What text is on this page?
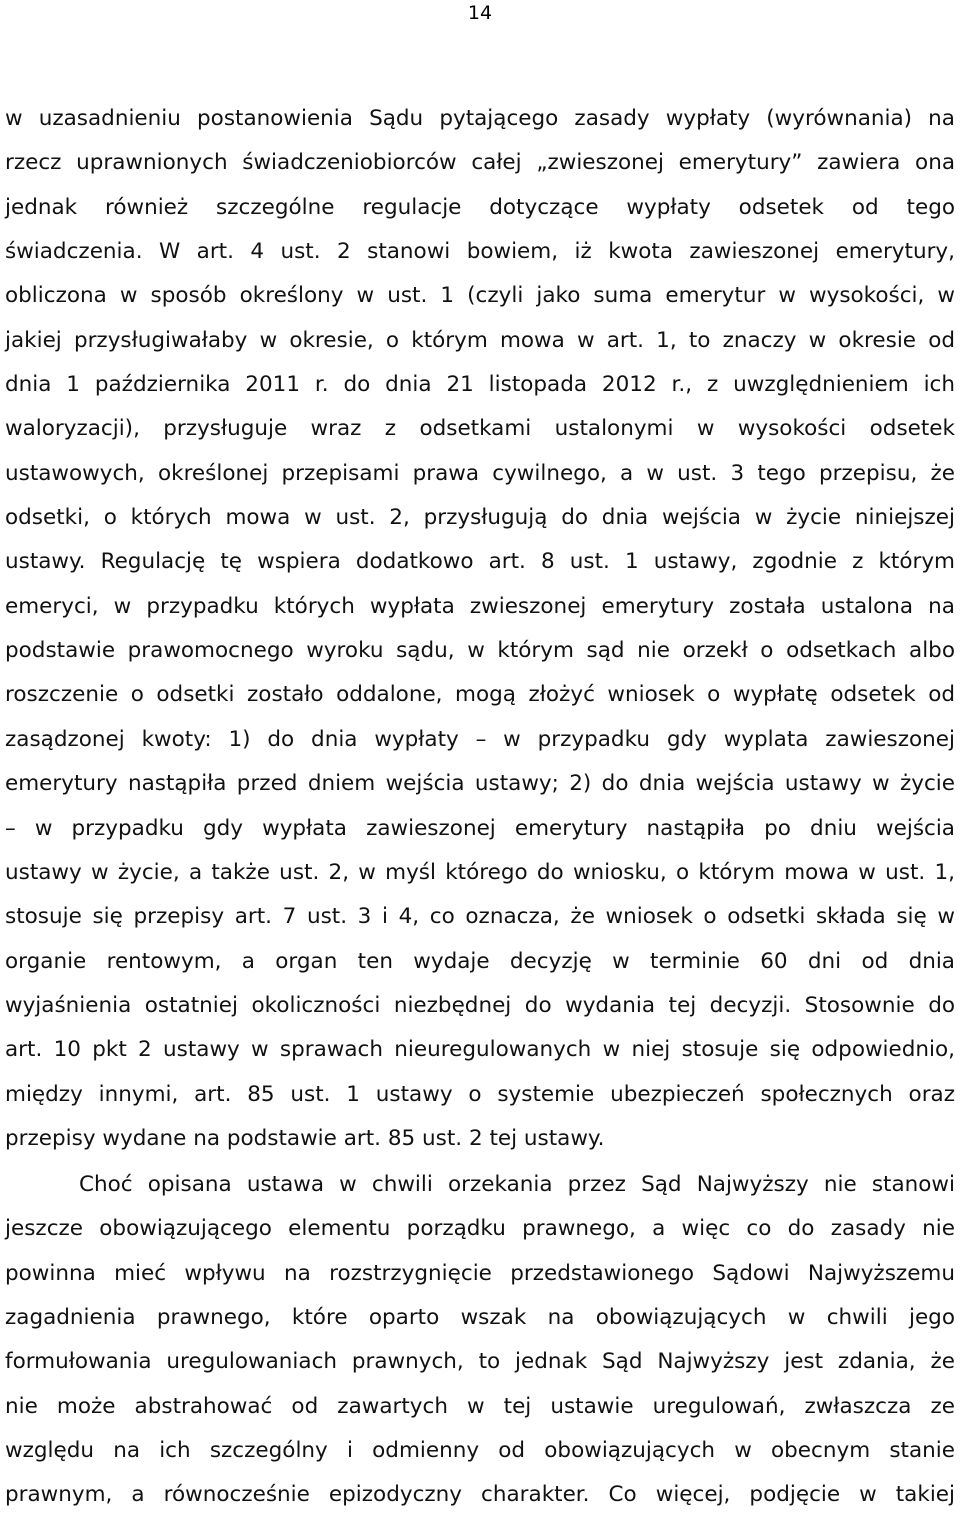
14
w uzasadnieniu postanowienia Sądu pytającego zasady wypłaty (wyrównania) na
rzecz uprawnionych świadczeniobiorców całej „zwieszonej emerytury” zawiera ona
jednak również szczególne regulacje dotyczące wypłaty odsetek od tego
świadczenia. W art. 4 ust. 2 stanowi bowiem, iż kwota zawieszonej emerytury,
obliczona w sposób określony w ust. 1 (czyli jako suma emerytur w wysokości, w
jakiej przysługiwałaby w okresie, o którym mowa w art. 1, to znaczy w okresie od
dnia 1 października 2011 r. do dnia 21 listopada 2012 r., z uwzględnieniem ich
waloryzacji), przysługuje wraz z odsetkami ustalonymi w wysokości odsetek
ustawowych, określonej przepisami prawa cywilnego, a w ust. 3 tego przepisu, że
odsetki, o których mowa w ust. 2, przysługują do dnia wejścia w życie niniejszej
ustawy. Regulację tę wspiera dodatkowo art. 8 ust. 1 ustawy, zgodnie z którym
emeryci, w przypadku których wypłata zwieszonej emerytury została ustalona na
podstawie prawomocnego wyroku sądu, w którym sąd nie orzekł o odsetkach albo
roszczenie o odsetki zostało oddalone, mogą złożyć wniosek o wypłatę odsetek od
zasądzonej kwoty: 1) do dnia wypłaty – w przypadku gdy wyplata zawieszonej
emerytury nastąpiła przed dniem wejścia ustawy; 2) do dnia wejścia ustawy w życie
– w przypadku gdy wypłata zawieszonej emerytury nastąpiła po dniu wejścia
ustawy w życie, a także ust. 2, w myśl którego do wniosku, o którym mowa w ust. 1,
stosuje się przepisy art. 7 ust. 3 i 4, co oznacza, że wniosek o odsetki składa się w
organie rentowym, a organ ten wydaje decyzję w terminie 60 dni od dnia
wyjaśnienia ostatniej okoliczności niezbędnej do wydania tej decyzji. Stosownie do
art. 10 pkt 2 ustawy w sprawach nieuregulowanych w niej stosuje się odpowiednio,
między innymi, art. 85 ust. 1 ustawy o systemie ubezpieczeń społecznych oraz
przepisy wydane na podstawie art. 85 ust. 2 tej ustawy.
Choć opisana ustawa w chwili orzekania przez Sąd Najwyższy nie stanowi
jeszcze obowiązującego elementu porządku prawnego, a więc co do zasady nie
powinna mieć wpływu na rozstrzygnięcie przedstawionego Sądowi Najwyższemu
zagadnienia prawnego, które oparto wszak na obowiązujących w chwili jego
formułowania uregulowaniach prawnych, to jednak Sąd Najwyższy jest zdania, że
nie może abstrahować od zawartych w tej ustawie uregulowań, zwłaszcza ze
względu na ich szczególny i odmienny od obowiązujących w obecnym stanie
prawnym, a równocześnie epizodyczny charakter. Co więcej, podjęcie w takiej
